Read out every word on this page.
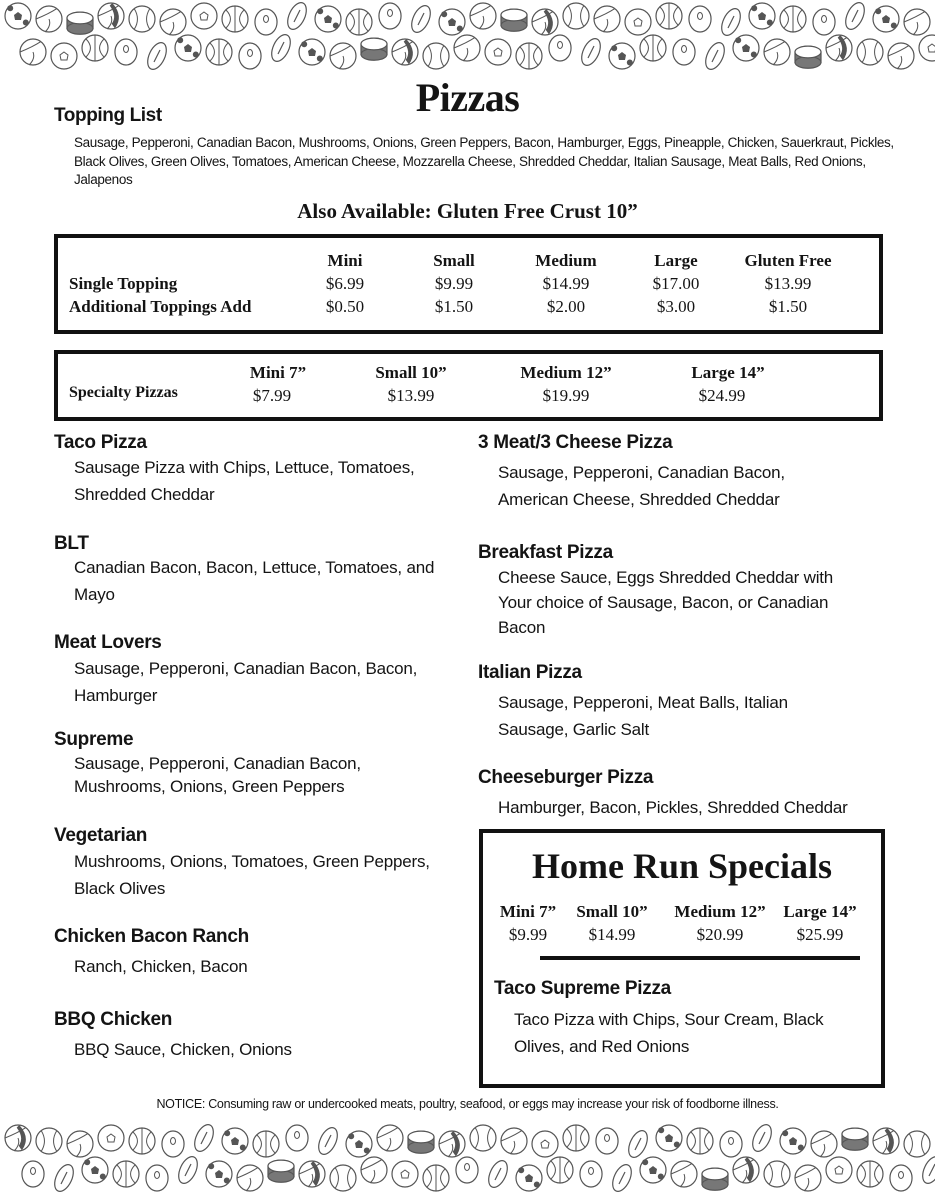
Pizzas
Topping List
Sausage, Pepperoni, Canadian Bacon, Mushrooms, Onions, Green Peppers, Bacon, Hamburger, Eggs, Pineapple, Chicken, Sauerkraut, Pickles, Black Olives, Green Olives, Tomatoes, American Cheese, Mozzarella Cheese, Shredded Cheddar, Italian Sausage, Meat Balls, Red Onions, Jalapenos
Also Available: Gluten Free Crust 10”
Mini	Small	Medium	Large	Gluten Free
Single Topping	$6.99	$9.99	$14.99	$17.00	$13.99
Additional Toppings Add	$0.50	$1.50	$2.00	$3.00	$1.50
Specialty Pizzas
Mini 7”	Small 10”	Medium 12”	Large 14”
$7.99	$13.99	$19.99	$24.99
Taco Pizza
Sausage Pizza with Chips, Lettuce, Tomatoes, Shredded Cheddar
BLT
Canadian Bacon, Bacon, Lettuce, Tomatoes, and Mayo
Meat Lovers
Sausage, Pepperoni, Canadian Bacon, Bacon, Hamburger
Supreme
Sausage, Pepperoni, Canadian Bacon, Mushrooms, Onions, Green Peppers
Vegetarian
Mushrooms, Onions, Tomatoes, Green Peppers, Black Olives
Chicken Bacon Ranch
Ranch, Chicken, Bacon
BBQ Chicken
BBQ Sauce, Chicken, Onions
3 Meat/3 Cheese Pizza
Sausage, Pepperoni, Canadian Bacon, American Cheese, Shredded Cheddar
Breakfast Pizza
Cheese Sauce, Eggs Shredded Cheddar with Your choice of Sausage, Bacon, or Canadian Bacon
Italian Pizza
Sausage, Pepperoni, Meat Balls, Italian Sausage, Garlic Salt
Cheeseburger Pizza
Hamburger, Bacon, Pickles, Shredded Cheddar
Home Run Specials
Mini 7” Small 10” Medium 12” Large 14”
$9.99 $14.99	$20.99	$25.99
Taco Supreme Pizza
Taco Pizza with Chips, Sour Cream, Black Olives, and Red Onions
NOTICE: Consuming raw or undercooked meats, poultry, seafood, or eggs may increase your risk of foodborne illness.
